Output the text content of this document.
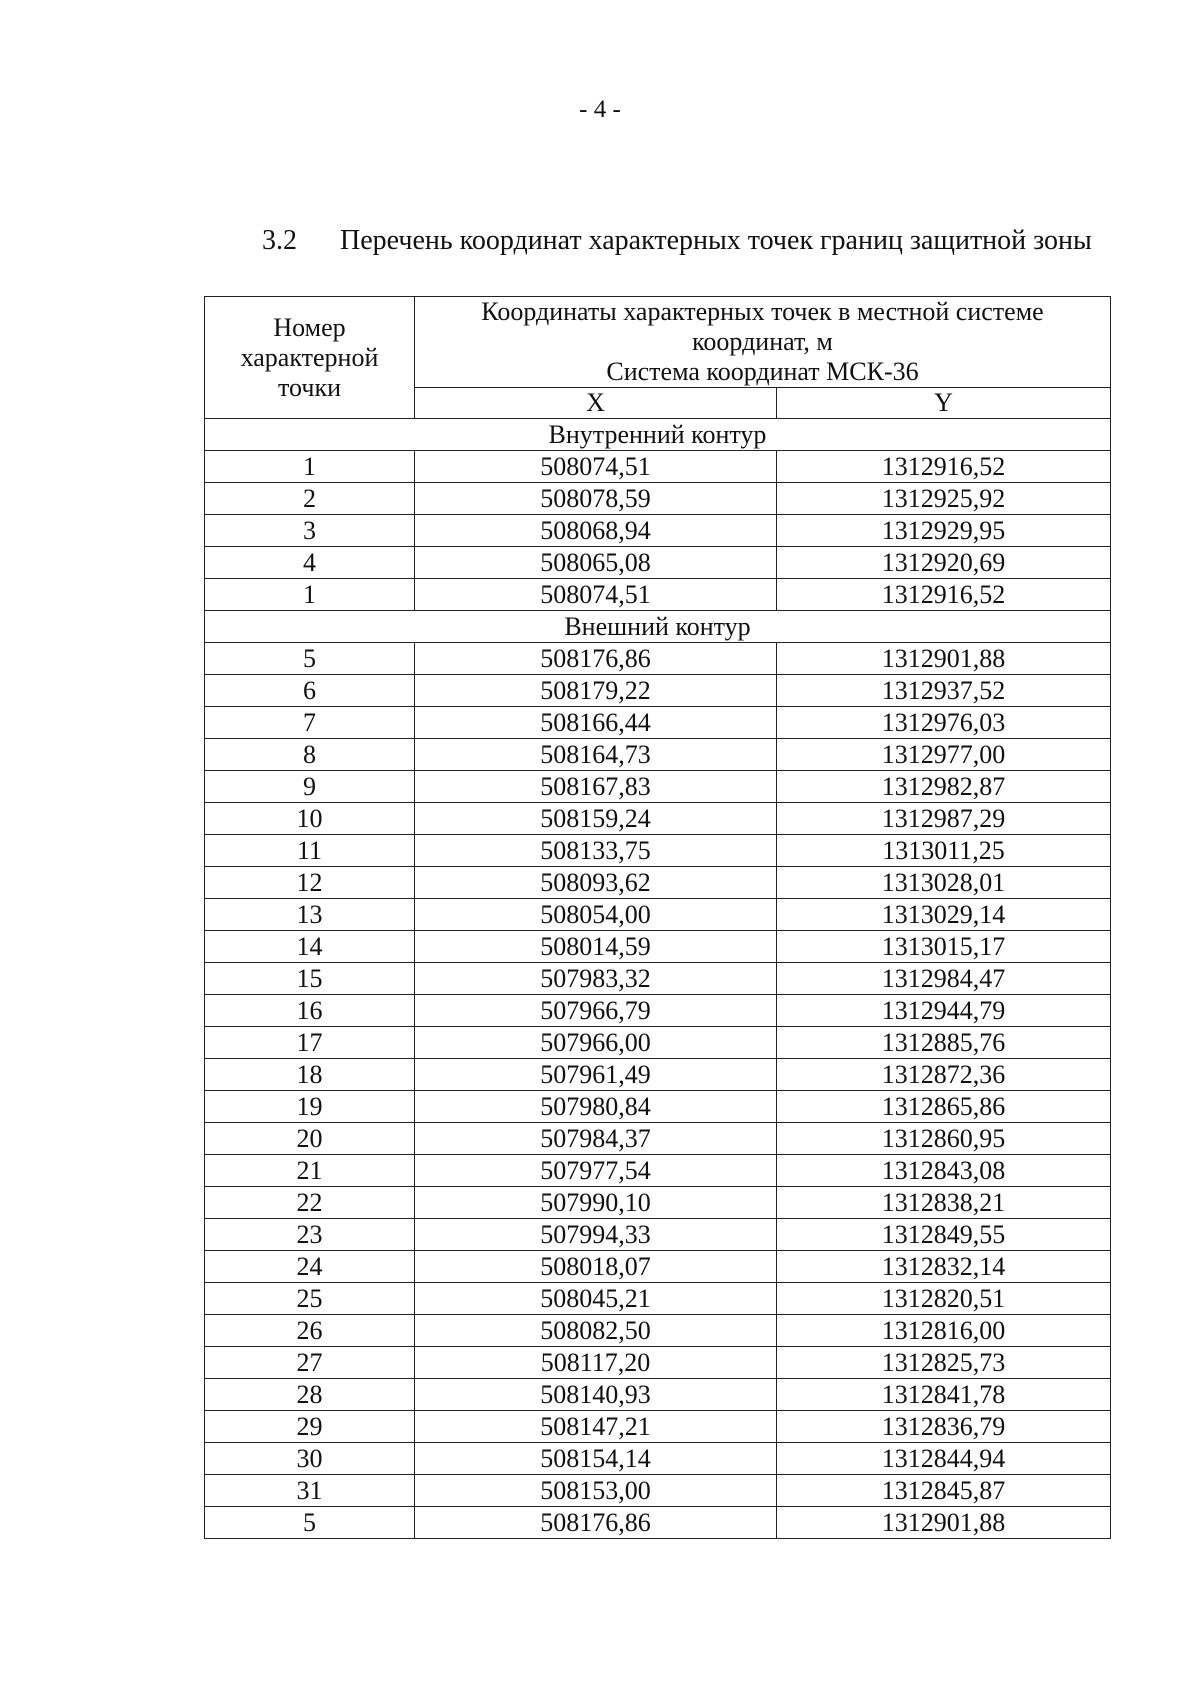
- 4 -
3.2 Перечень координат характерных точек границ защитной зоны
Номер
характерной
точки	Координаты характерных точек в местной системе
координат, м
Система координат МСК-36	

	X	Y
Внутренний контур		
1	508074,51	1312916,52
2	508078,59	1312925,92
3	508068,94	1312929,95
4	508065,08	1312920,69
1	508074,51	1312916,52
Внешний контур		
5	508176,86	1312901,88
6	508179,22	1312937,52
7	508166,44	1312976,03
8	508164,73	1312977,00
9	508167,83	1312982,87
10	508159,24	1312987,29
11	508133,75	1313011,25
12	508093,62	1313028,01
13	508054,00	1313029,14
14	508014,59	1313015,17
15	507983,32	1312984,47
16	507966,79	1312944,79
17	507966,00	1312885,76
18	507961,49	1312872,36
19	507980,84	1312865,86
20	507984,37	1312860,95
21	507977,54	1312843,08
22	507990,10	1312838,21
23	507994,33	1312849,55
24	508018,07	1312832,14
25	508045,21	1312820,51
26	508082,50	1312816,00
27	508117,20	1312825,73
28	508140,93	1312841,78
29	508147,21	1312836,79
30	508154,14	1312844,94
31	508153,00	1312845,87
5	508176,86	1312901,88
